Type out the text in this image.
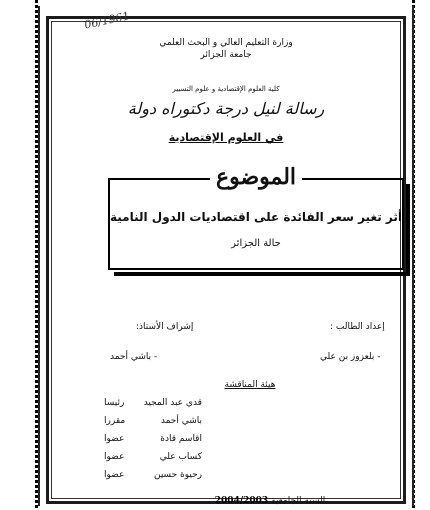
06/1961
وزارة التعليم العالي و البحث العلمي
جامعة الجزائر
كلية العلوم الإقتصادية و علوم التسيير
رسالة لنيل درجة دكتوراه دولة
في العلوم الإقتصادية
الموضوع
أثر تغير سعر الفائدة على اقتصاديات الدول النامية
حالة الجزائر
إعداد الطالب :
إشراف الأستاذ:
- بلعزوز بن علي
- باشي أحمد
هيئة المناقشة
قدي عبد المجيد
رئيسا
باشي أحمد
مقررا
اقاسم قادة
عضوا
كساب علي
عضوا
رحيوة حسين
عضوا
2004/2003 السنة الجامعية
